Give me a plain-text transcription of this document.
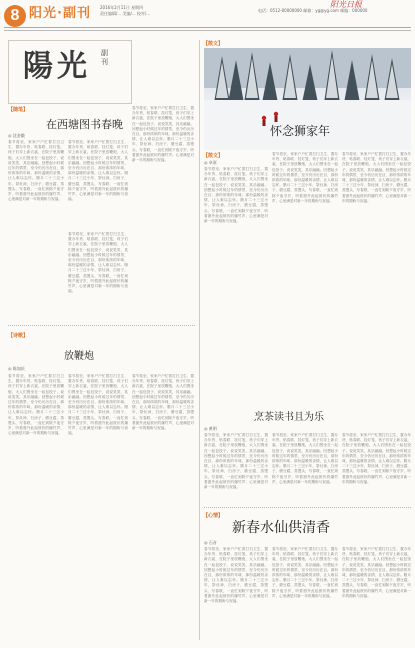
8 阳光·副刊 2016年2月11日 星期四
责任编辑/... 美编/... 校对/...
电话：0512-00000000 邮箱：yg@yg.com 邮编：000000
阳光日报
陽光 副刊
【随笔】
在西塘图书春晚
◎ 沈金娥
春节将至，家家户户忙着打扫卫生、置办年货、贴春联、挂灯笼，孩子们穿上新衣裳，在院子里放鞭炮，大人们围坐在一起包饺子，说说笑笑，其乐融融。回想起小时候过年的情景，至今仍历历在目，那份浓浓的年味，那份温暖的亲情，让人难以忘怀。腊月二十三过小年，祭灶神，扫房子，磨豆腐，蒸馒头，写春联，一直忙到除夕夜守岁，听着窗外此起彼伏的爆竹声，心里满是对新一年的期盼与祝福。
春节将至，家家户户忙着打扫卫生、置办年货、贴春联、挂灯笼，孩子们穿上新衣裳，在院子里放鞭炮，大人们围坐在一起包饺子，说说笑笑，其乐融融。回想起小时候过年的情景，至今仍历历在目，那份浓浓的年味，那份温暖的亲情，让人难以忘怀。腊月二十三过小年，祭灶神，扫房子，磨豆腐，蒸馒头，写春联，一直忙到除夕夜守岁，听着窗外此起彼伏的爆竹声，心里满是对新一年的期盼与祝福。
春节将至，家家户户忙着打扫卫生、置办年货、贴春联、挂灯笼，孩子们穿上新衣裳，在院子里放鞭炮，大人们围坐在一起包饺子，说说笑笑，其乐融融。回想起小时候过年的情景，至今仍历历在目，那份浓浓的年味，那份温暖的亲情，让人难以忘怀。腊月二十三过小年，祭灶神，扫房子，磨豆腐，蒸馒头，写春联，一直忙到除夕夜守岁，听着窗外此起彼伏的爆竹声，心里满是对新一年的期盼与祝福。
春节将至，家家户户忙着打扫卫生、置办年货、贴春联、挂灯笼，孩子们穿上新衣裳，在院子里放鞭炮，大人们围坐在一起包饺子，说说笑笑，其乐融融。回想起小时候过年的情景，至今仍历历在目，那份浓浓的年味，那份温暖的亲情，让人难以忘怀。腊月二十三过小年，祭灶神，扫房子，磨豆腐，蒸馒头，写春联，一直忙到除夕夜守岁，听着窗外此起彼伏的爆竹声，心里满是对新一年的期盼与祝福。
【诗歌】
放鞭炮
◎ 陈加庆
春节将至，家家户户忙着打扫卫生、置办年货、贴春联、挂灯笼，孩子们穿上新衣裳，在院子里放鞭炮，大人们围坐在一起包饺子，说说笑笑，其乐融融。回想起小时候过年的情景，至今仍历历在目，那份浓浓的年味，那份温暖的亲情，让人难以忘怀。腊月二十三过小年，祭灶神，扫房子，磨豆腐，蒸馒头，写春联，一直忙到除夕夜守岁，听着窗外此起彼伏的爆竹声，心里满是对新一年的期盼与祝福。
春节将至，家家户户忙着打扫卫生、置办年货、贴春联、挂灯笼，孩子们穿上新衣裳，在院子里放鞭炮，大人们围坐在一起包饺子，说说笑笑，其乐融融。回想起小时候过年的情景，至今仍历历在目，那份浓浓的年味，那份温暖的亲情，让人难以忘怀。腊月二十三过小年，祭灶神，扫房子，磨豆腐，蒸馒头，写春联，一直忙到除夕夜守岁，听着窗外此起彼伏的爆竹声，心里满是对新一年的期盼与祝福。
春节将至，家家户户忙着打扫卫生、置办年货、贴春联、挂灯笼，孩子们穿上新衣裳，在院子里放鞭炮，大人们围坐在一起包饺子，说说笑笑，其乐融融。回想起小时候过年的情景，至今仍历历在目，那份浓浓的年味，那份温暖的亲情，让人难以忘怀。腊月二十三过小年，祭灶神，扫房子，磨豆腐，蒸馒头，写春联，一直忙到除夕夜守岁，听着窗外此起彼伏的爆竹声，心里满是对新一年的期盼与祝福。
【散文】
【散文】
怀念狮家年
◎ 卓原
春节将至，家家户户忙着打扫卫生、置办年货、贴春联、挂灯笼，孩子们穿上新衣裳，在院子里放鞭炮，大人们围坐在一起包饺子，说说笑笑，其乐融融。回想起小时候过年的情景，至今仍历历在目，那份浓浓的年味，那份温暖的亲情，让人难以忘怀。腊月二十三过小年，祭灶神，扫房子，磨豆腐，蒸馒头，写春联，一直忙到除夕夜守岁，听着窗外此起彼伏的爆竹声，心里满是对新一年的期盼与祝福。
春节将至，家家户户忙着打扫卫生、置办年货、贴春联、挂灯笼，孩子们穿上新衣裳，在院子里放鞭炮，大人们围坐在一起包饺子，说说笑笑，其乐融融。回想起小时候过年的情景，至今仍历历在目，那份浓浓的年味，那份温暖的亲情，让人难以忘怀。腊月二十三过小年，祭灶神，扫房子，磨豆腐，蒸馒头，写春联，一直忙到除夕夜守岁，听着窗外此起彼伏的爆竹声，心里满是对新一年的期盼与祝福。
春节将至，家家户户忙着打扫卫生、置办年货、贴春联、挂灯笼，孩子们穿上新衣裳，在院子里放鞭炮，大人们围坐在一起包饺子，说说笑笑，其乐融融。回想起小时候过年的情景，至今仍历历在目，那份浓浓的年味，那份温暖的亲情，让人难以忘怀。腊月二十三过小年，祭灶神，扫房子，磨豆腐，蒸馒头，写春联，一直忙到除夕夜守岁，听着窗外此起彼伏的爆竹声，心里满是对新一年的期盼与祝福。
烹茶读书且为乐
◎ 黄明
春节将至，家家户户忙着打扫卫生、置办年货、贴春联、挂灯笼，孩子们穿上新衣裳，在院子里放鞭炮，大人们围坐在一起包饺子，说说笑笑，其乐融融。回想起小时候过年的情景，至今仍历历在目，那份浓浓的年味，那份温暖的亲情，让人难以忘怀。腊月二十三过小年，祭灶神，扫房子，磨豆腐，蒸馒头，写春联，一直忙到除夕夜守岁，听着窗外此起彼伏的爆竹声，心里满是对新一年的期盼与祝福。
春节将至，家家户户忙着打扫卫生、置办年货、贴春联、挂灯笼，孩子们穿上新衣裳，在院子里放鞭炮，大人们围坐在一起包饺子，说说笑笑，其乐融融。回想起小时候过年的情景，至今仍历历在目，那份浓浓的年味，那份温暖的亲情，让人难以忘怀。腊月二十三过小年，祭灶神，扫房子，磨豆腐，蒸馒头，写春联，一直忙到除夕夜守岁，听着窗外此起彼伏的爆竹声，心里满是对新一年的期盼与祝福。
春节将至，家家户户忙着打扫卫生、置办年货、贴春联、挂灯笼，孩子们穿上新衣裳，在院子里放鞭炮，大人们围坐在一起包饺子，说说笑笑，其乐融融。回想起小时候过年的情景，至今仍历历在目，那份浓浓的年味，那份温暖的亲情，让人难以忘怀。腊月二十三过小年，祭灶神，扫房子，磨豆腐，蒸馒头，写春联，一直忙到除夕夜守岁，听着窗外此起彼伏的爆竹声，心里满是对新一年的期盼与祝福。
【心情】
新春水仙供清香
◎ 石音
春节将至，家家户户忙着打扫卫生、置办年货、贴春联、挂灯笼，孩子们穿上新衣裳，在院子里放鞭炮，大人们围坐在一起包饺子，说说笑笑，其乐融融。回想起小时候过年的情景，至今仍历历在目，那份浓浓的年味，那份温暖的亲情，让人难以忘怀。腊月二十三过小年，祭灶神，扫房子，磨豆腐，蒸馒头，写春联，一直忙到除夕夜守岁，听着窗外此起彼伏的爆竹声，心里满是对新一年的期盼与祝福。
春节将至，家家户户忙着打扫卫生、置办年货、贴春联、挂灯笼，孩子们穿上新衣裳，在院子里放鞭炮，大人们围坐在一起包饺子，说说笑笑，其乐融融。回想起小时候过年的情景，至今仍历历在目，那份浓浓的年味，那份温暖的亲情，让人难以忘怀。腊月二十三过小年，祭灶神，扫房子，磨豆腐，蒸馒头，写春联，一直忙到除夕夜守岁，听着窗外此起彼伏的爆竹声，心里满是对新一年的期盼与祝福。
春节将至，家家户户忙着打扫卫生、置办年货、贴春联、挂灯笼，孩子们穿上新衣裳，在院子里放鞭炮，大人们围坐在一起包饺子，说说笑笑，其乐融融。回想起小时候过年的情景，至今仍历历在目，那份浓浓的年味，那份温暖的亲情，让人难以忘怀。腊月二十三过小年，祭灶神，扫房子，磨豆腐，蒸馒头，写春联，一直忙到除夕夜守岁，听着窗外此起彼伏的爆竹声，心里满是对新一年的期盼与祝福。
